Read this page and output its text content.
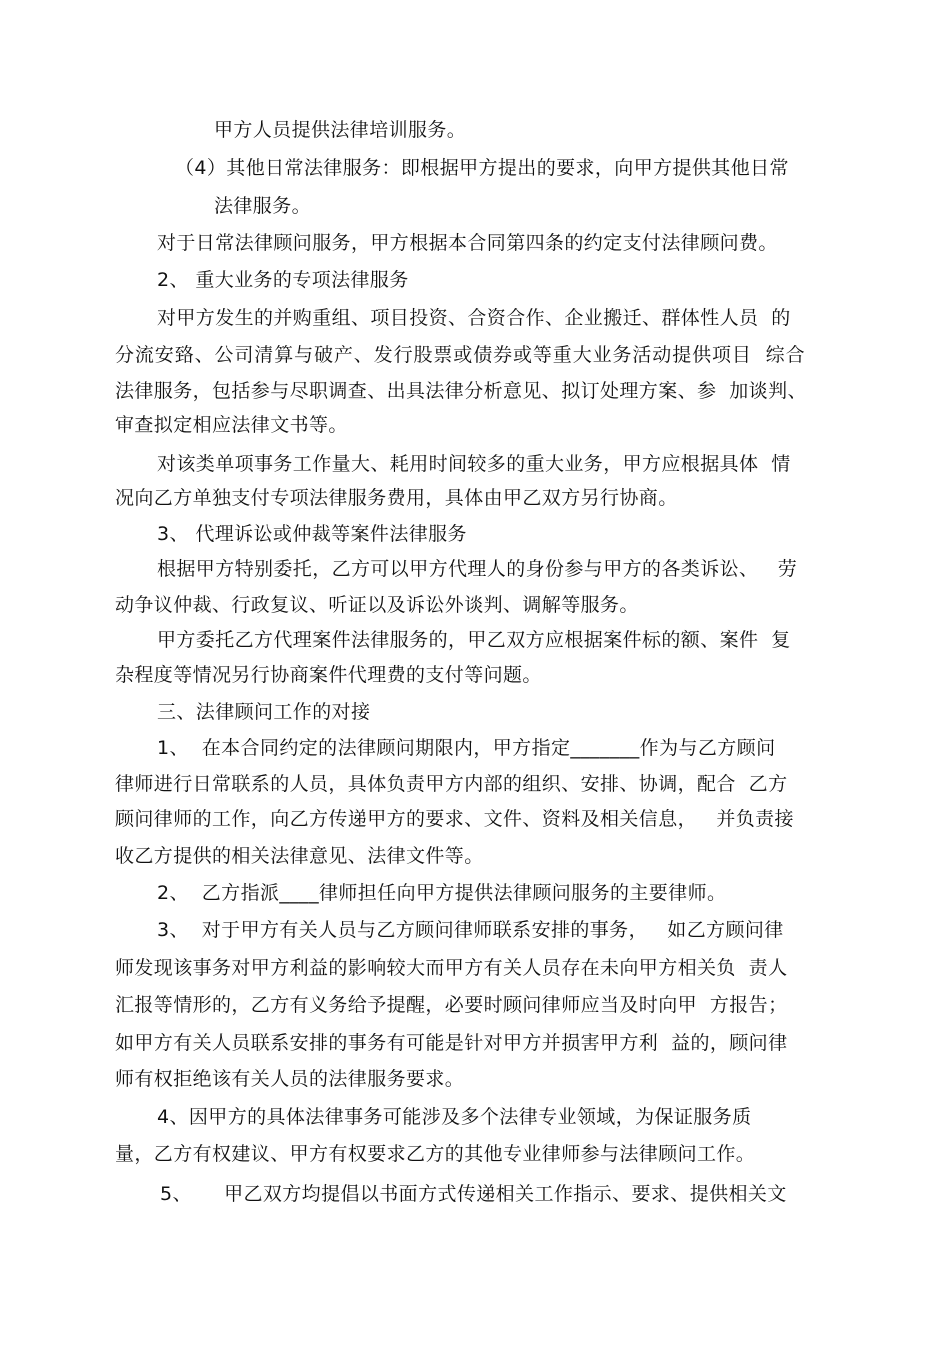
甲方人员提供法律培训服务。
（4）其他日常法律服务：即根据甲方提出的要求，向甲方提供其他日常
法律服务。
对于日常法律顾问服务，甲方根据本合同第四条的约定支付法律顾问费。
2、 重大业务的专项法律服务
对甲方发生的并购重组、项目投资、合资合作、企业搬迁、群体性人员  的
分流安臵、公司清算与破产、发行股票或债券或等重大业务活动提供项目  综合
法律服务，包括参与尽职调查、出具法律分析意见、拟订处理方案、参  加谈判、
审查拟定相应法律文书等。
对该类单项事务工作量大、耗用时间较多的重大业务，甲方应根据具体  情
况向乙方单独支付专项法律服务费用，具体由甲乙双方另行协商。
3、 代理诉讼或仲裁等案件法律服务
根据甲方特别委托，乙方可以甲方代理人的身份参与甲方的各类诉讼、   劳
动争议仲裁、行政复议、听证以及诉讼外谈判、调解等服务。
甲方委托乙方代理案件法律服务的，甲乙双方应根据案件标的额、案件  复
杂程度等情况另行协商案件代理费的支付等问题。
三、法律顾问工作的对接
1、  在本合同约定的法律顾问期限内，甲方指定_______作为与乙方顾问
律师进行日常联系的人员，具体负责甲方内部的组织、安排、协调，配合  乙方
顾问律师的工作，向乙方传递甲方的要求、文件、资料及相关信息，   并负责接
收乙方提供的相关法律意见、法律文件等。
2、  乙方指派____律师担任向甲方提供法律顾问服务的主要律师。
3、  对于甲方有关人员与乙方顾问律师联系安排的事务，   如乙方顾问律
师发现该事务对甲方利益的影响较大而甲方有关人员存在未向甲方相关负  责人
汇报等情形的，乙方有义务给予提醒，必要时顾问律师应当及时向甲  方报告；
如甲方有关人员联系安排的事务有可能是针对甲方并损害甲方利  益的，顾问律
师有权拒绝该有关人员的法律服务要求。
4、因甲方的具体法律事务可能涉及多个法律专业领域，为保证服务质
量，乙方有权建议、甲方有权要求乙方的其他专业律师参与法律顾问工作。
5、     甲乙双方均提倡以书面方式传递相关工作指示、要求、提供相关文
